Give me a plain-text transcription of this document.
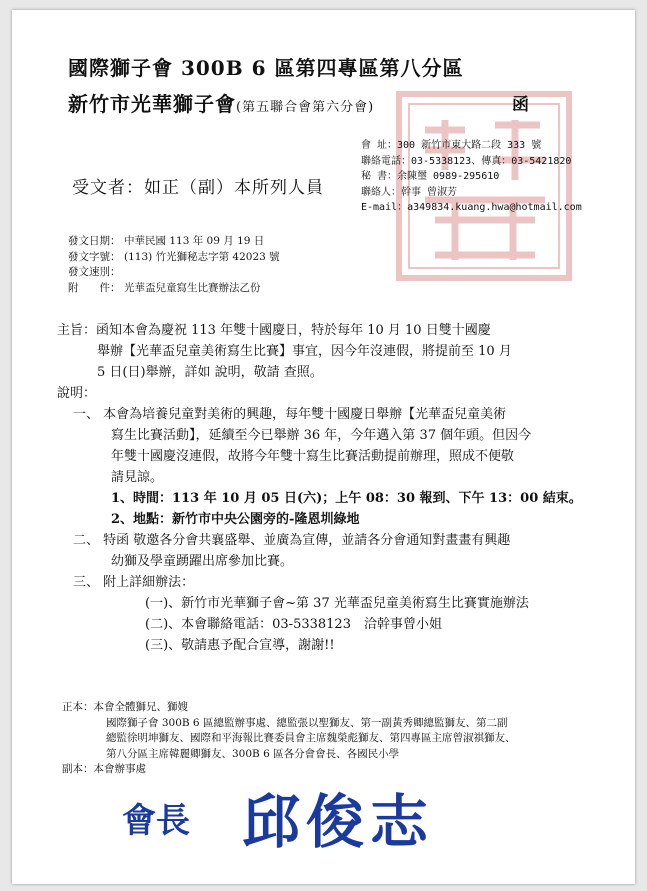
國際獅子會 300B 6 區第四專區第八分區
新竹市光華獅子會(第五聯合會第六分會)	函
會 址：300 新竹市東大路二段 333 號
聯絡電話：03-5338123、傳真：03-5421820
秘 書：余陳璽 0989-295610
聯絡人：幹事 曾淑芳
E-mail：a349834.kuang.hwa@hotmail.com
受文者：如正（副）本所列人員
發文日期： 中華民國 113 年 09 月 19 日
發文字號： (113) 竹光獅秘志字第 42023 號
發文速別：
附　　件： 光華盃兒童寫生比賽辦法乙份
主旨：函知本會為慶祝 113 年雙十國慶日，特於每年 10 月 10 日雙十國慶
舉辦【光華盃兒童美術寫生比賽】事宜，因今年沒連假，將提前至 10 月
5 日(日)舉辦，詳如 說明，敬請 查照。
說明：
一、 本會為培養兒童對美術的興趣，每年雙十國慶日舉辦【光華盃兒童美術
寫生比賽活動】，延續至今已舉辦 36 年，今年邁入第 37 個年頭。但因今
年雙十國慶沒連假，故將今年雙十寫生比賽活動提前辦理，照成不便敬
請見諒。
1、時間：113 年 10 月 05 日(六)；上午 08：30 報到、下午 13：00 結束。
2、地點：新竹市中央公園旁的-隆恩圳綠地
二、 特函 敬邀各分會共襄盛舉、並廣為宣傳，並請各分會通知對畫畫有興趣
幼獅及學童踴躍出席參加比賽。
三、 附上詳細辦法：
(一)、新竹市光華獅子會~第 37 光華盃兒童美術寫生比賽實施辦法
(二)、本會聯絡電話：03-5338123　洽幹事曾小姐
(三)、敬請惠予配合宣導，謝謝!!
正本：本會全體獅兄、獅嫂
國際獅子會 300B 6 區總監辦事處、總監張以聖獅友、第一副黃秀卿總監獅友、第二副
總監徐明坤獅友、國際和平海報比賽委員會主席魏榮彪獅友、第四專區主席曾淑祺獅友、
第八分區主席韓麗卿獅友、300B 6 區各分會會長、各國民小學
副本：本會辦事處
會長 邱俊志
